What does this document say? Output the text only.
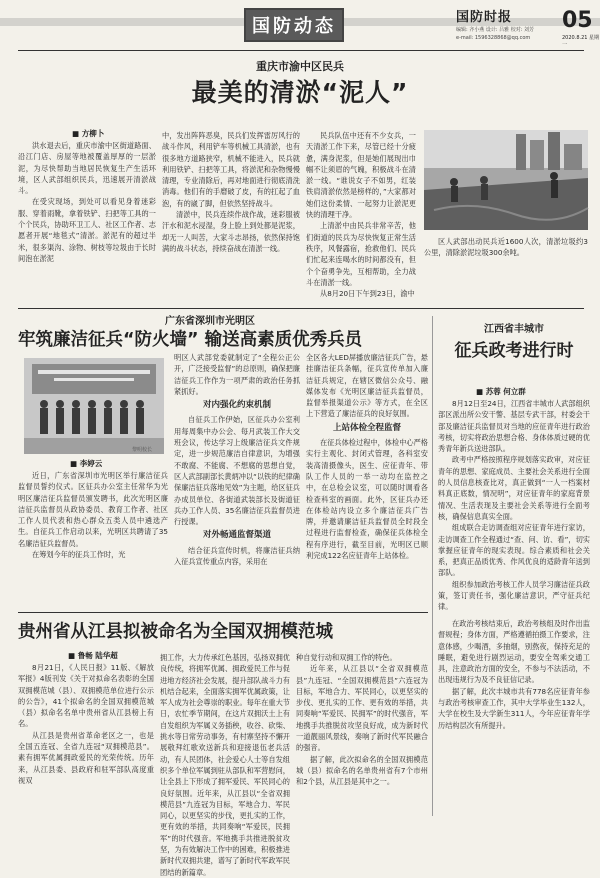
国防动态	国防时报 05
编辑: 齐小燕 设计: 吕雅 校对: 刘芳
e-mail: 1596328868@qq.com	2020.8.21 星期一
重庆市渝中区民兵
最美的清淤“泥人”
■ 方柳卜

洪水退去后，重庆市渝中区街道路面、沿江门店、房屋等地被覆盖厚厚的一层淤泥，为尽快帮助当地居民恢复生产生活环境，区人武部组织民兵，迅速展开清淤战斗。

在受灾现场，到处可以看见身着迷彩服、穿着雨靴，拿着铁铲、扫把等工具的一个个民兵，协助环卫工人、社区工作者、志愿者开展“地毯式”清淤。淤泥有的超过半米，很多渠沟、涂物、树枝等垃圾由于长时间泡在淤泥

中，发出阵阵恶臭，民兵们发挥雷厉风行的战斗作风，利用铲车等机械工具清淤，也有很多地方道路狭窄，机械不能进入，民兵就利用铁铲、扫把等工具，将淤泥和杂物慢慢清理，专业清除后，再对地面进行彻底清洗消毒。他们有的手磨破了皮，有的扛起了血泡，有的崴了脚，但依然坚持战斗。

清淤中，民兵连续作战作战，迷彩服被汗水和泥水浸湿，身上脸上到处都是泥浆，却无一人叫苦，大家斗志昂扬，依然保持饱满的战斗状态，持续奋战在清淤一线。

民兵队伍中还有不少女兵，一天清淤工作下来，尽管已经十分疲惫，满身泥浆，但是她们展现出巾帼不让须眉的气魄，积极战斗在清淤一线。“谁说女子不如男，红装铁肩清淤依然是榜样的，”大家都对她们这份柔情、一起努力让淤泥更快的清理干净。

上清淤中由民兵非常辛苦，他们街道的民兵为尽快恢复正常生活秩序，风餐露宿，抢救他们、民兵们忙起来连喝水的时间都没有，但个个奋勇争先，互相帮助，全力战斗在清淤一线。

从8月20日下午到23日，渝中

区人武部出动民兵近1600人次，清淤垃圾约3公里，清除淤泥垃圾300余吨。

广东省深圳市光明区
牢筑廉洁征兵“防火墙” 输送高素质优秀兵员
黎明校长
■ 李婷云

近日，广东省深圳市光明区举行廉洁征兵监督员誓约仪式。区征兵办公室主任常华为光明区廉洁征兵监督员颁发聘书，此次光明区廉洁征兵监督员从政协委员、教育工作者、社区工作人员代表和热心群众五类人员中遴选产生。自征兵工作启动以来，光明区共聘请了35名廉洁征兵监督员。

在筹划今年的征兵工作时，光

明区人武部党委就制定了“全程公正公开，广泛接受监督”的总原则，确保把廉洁征兵工作作为一项严肃的政治任务抓紧抓好。

对内强化约束机制

自征兵工作伊始，区征兵办公室利用每周集中办公会、每月武装工作大交班会议，传达学习上级廉洁征兵文件规定，进一步规范廉洁自律意识，为增强不敢腐、不能腐、不想腐的思想自觉，区人武部副部长黄炳冲以“以铁的纪律确保廉洁征兵落地见效”为主题，给区征兵办成员单位、各街道武装部长及街道征兵办工作人员、35名廉洁征兵监督员进行授课。

对外畅通监督渠道

结合征兵宣传时机，将廉洁征兵纳入征兵宣传重点内容，采用在

全区各大LED屏播放廉洁征兵广告，悬挂廉洁征兵条幅，征兵宣传单加入廉洁征兵规定，在辖区微信公众号、融媒体发布《光明区廉洁征兵监督员，监督举报渠道公示》等方式，在全区上下营造了廉洁征兵的良好氛围。

上站体检全程监督

在征兵体检过程中，体检中心严格实行主观化、封闭式管理，各科室安装高清摄像头，医生、应征青年、带队工作人员的一举一动均在监控之中，在总检会议室，可以随时调看各检查科室的画面。此外，区征兵办还在体检站内设立多个廉洁征兵广告牌，并邀请廉洁征兵监督员全时段全过程进行监督检查，确保征兵体检全程有序进行，截至目前，光明区已顺利完成122名应征青年上站体检。

江西省丰城市
征兵政考进行时
■ 苏蓉 何立群

8月12日至24日，江西省丰城市人武部组织部区派出所公安干警、基层专武干部，村委会干部及廉洁征兵监督员对当地的应征青年进行政治考核，切实将政治思想合格、身体体质过硬的优秀青年新兵送进部队。

政考中严格按照程序规划落实政审，对应征青年的思想、家庭成员、主要社会关系进行全面的人员信息核查比对，真正做到“一人一档案材料真正底数，情况明”，对应征青年的家庭背景情况、生活表现及主要社会关系等进行全面考核，确保信息真实全面。

组成联合走访调查组对应征青年进行家访，走访调查工作全程通过“查、问、访、看”，切实掌握应征青年的现实表现。综合素质和社会关系，把真正品质优秀、作风优良的适龄青年送到部队。

组织参加政治考核工作人员学习廉洁征兵政策，签订责任书，强化廉洁意识，严守征兵纪律。

贵州省从江县拟被命名为全国双拥模范城
■ 鲁畅 陆华超

8月21日，《人民日报》11版、《解放军报》4版刊发《关于对拟命名表彰的全国双拥模范城（县）、双拥模范单位进行公示的公告》，41个拟命名的全国双拥模范城（县）拟命名名单中贵州省从江县榜上有名。

从江县是贵州省革命老区之一，也是全国五连冠、全省九连冠“双拥模范县”。素有拥军优属拥政爱民的光荣传统。历年来，从江县委、县政府和驻军部队高度重视双

拥工作，大力传承红色基因，弘扬双拥优良传统，将拥军优属、拥政爱民工作与促进地方经济社会发展，提升部队战斗力有机结合起来，全面落实拥军优属政策，让军人成为社会尊崇的职业。每年在重大节日，农忙季节期间，在这片双拥沃土上有自发组织为军属义务插秧，收谷、砍柴、挑水等日常劳动事务，有村寨坚持不懈开展敬拜红歌欢送新兵和迎接退伍老兵活动，有人民团体，社会爱心人士等自发组织多个单位军属到驻从部队和军营慰问，让全县上下形成了拥军爱民、军民同心的良好氛围。近年来，从江县以“全省双拥模范县”九连冠为目标，军地合力、军民同心，以更坚实的步伐，更扎实的工作，更有效的举措，共同奏响“军爱民，民拥军”的时代强音。军地携手共推进脱贫攻坚，为有效解决工作中的困难，积极推进新时代双拥共建，谱写了新时代军政军民团结的新篇章。

种自觉行动和双拥工作的特色。

近年来，从江县以“全省双拥模范县”九连冠、“全国双拥模范县”六连冠为目标，军地合力、军民同心，以更坚实的步伐、更扎实的工作、更有效的举措，共同奏响“军爱民、民拥军”的时代强音，军地携手共推脱贫攻坚良好成，成为新时代一道靓丽风景线，奏响了新时代军民融合的强音。

据了解，此次拟命名的全国双拥模范城（县）拟命名的名单贵州省有7个市州和2个县，从江县是其中之一。

在政治考核结束后，政治考核组及时作出监督规程；身体方面，严格遵循拍摄工作要求，注意体感，少喝酒，多抽烟，别熬夜，保持充足的睡眠，避免进行剧烈运动，要安全驾乘交通工具，注意政治方面的安全，不参与不法活动，不出现违规行为及不良征信记录。

据了解，此次丰城市共有778名应征青年参与政治考核审查工作，其中大学毕业生132人，大学在校生及大学新生311人，今年应征青年学历结构层次有所提升。
